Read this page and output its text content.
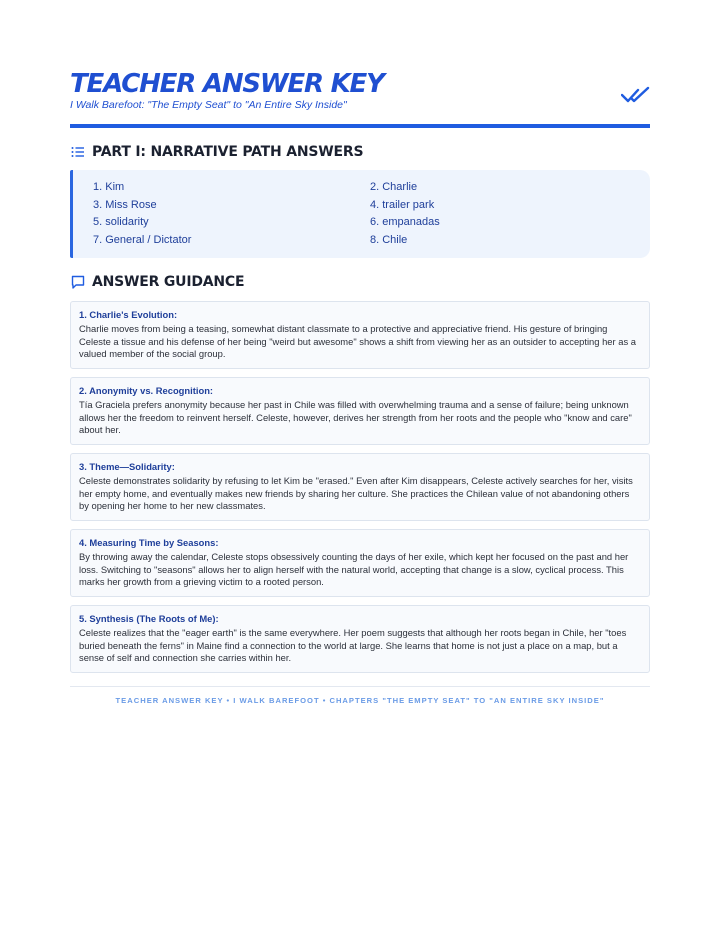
TEACHER ANSWER KEY
I Walk Barefoot: "The Empty Seat" to "An Entire Sky Inside"
PART I: NARRATIVE PATH ANSWERS
1. Kim	2. Charlie
3. Miss Rose	4. trailer park
5. solidarity	6. empanadas
7. General / Dictator	8. Chile
ANSWER GUIDANCE
1. Charlie's Evolution:
Charlie moves from being a teasing, somewhat distant classmate to a protective and appreciative friend. His gesture of bringing Celeste a tissue and his defense of her being "weird but awesome" shows a shift from viewing her as an outsider to accepting her as a valued member of the social group.
2. Anonymity vs. Recognition:
Tía Graciela prefers anonymity because her past in Chile was filled with overwhelming trauma and a sense of failure; being unknown allows her the freedom to reinvent herself. Celeste, however, derives her strength from her roots and the people who "know and care" about her.
3. Theme—Solidarity:
Celeste demonstrates solidarity by refusing to let Kim be "erased." Even after Kim disappears, Celeste actively searches for her, visits her empty home, and eventually makes new friends by sharing her culture. She practices the Chilean value of not abandoning others by opening her home to her new classmates.
4. Measuring Time by Seasons:
By throwing away the calendar, Celeste stops obsessively counting the days of her exile, which kept her focused on the past and her loss. Switching to "seasons" allows her to align herself with the natural world, accepting that change is a slow, cyclical process. This marks her growth from a grieving victim to a rooted person.
5. Synthesis (The Roots of Me):
Celeste realizes that the "eager earth" is the same everywhere. Her poem suggests that although her roots began in Chile, her "toes buried beneath the ferns" in Maine find a connection to the world at large. She learns that home is not just a place on a map, but a sense of self and connection she carries within her.
TEACHER ANSWER KEY • I WALK BAREFOOT • CHAPTERS "THE EMPTY SEAT" TO "AN ENTIRE SKY INSIDE"
